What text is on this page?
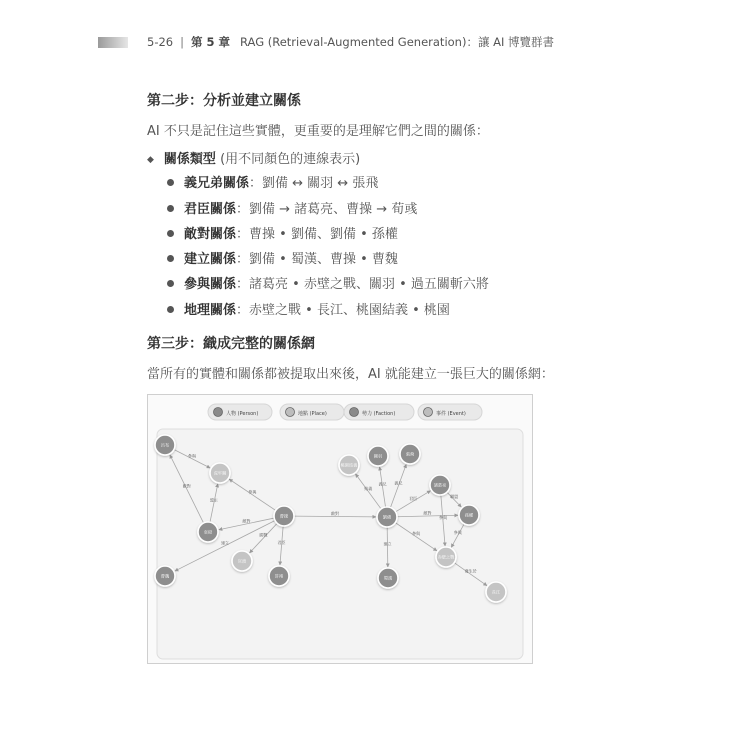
5-26 | 第 5 章 RAG (Retrieval-Augmented Generation)：讓 AI 博覽群書
第二步：分析並建立關係
AI 不只是記住這些實體，更重要的是理解它們之間的關係：
◆ 關係類型 (用不同顏色的連線表示)
義兄弟關係：劉備 ↔ 關羽 ↔ 張飛
君臣關係：劉備 → 諸葛亮、曹操 → 荀彧
敵對關係：曹操 • 劉備、劉備 • 孫權
建立關係：劉備 • 蜀漢、曹操 • 曹魏
參與關係：諸葛亮 • 赤壁之戰、關羽 • 過五關斬六將
地理關係：赤壁之戰 • 長江、桃園結義 • 桃園
第三步：織成完整的關係網
當所有的實體和關係都被提取出來後，AI 就能建立一張巨大的關係網：
人物 (Person)	地點 (Place)	勢力 (Faction)	事件 (Event)
參與
盟主
參與
敵對
敵對
勝戰
君臣
建立
敵對
結義
義兄 義兄
君臣
敵對
建立
參與
聯盟
參與
參與
發生於
呂布
虎牢關
袁紹
曹操
官渡
許褚
曹魏
桃園結義
關羽	張飛
劉備
諸葛亮
孫權
蜀漢
赤壁之戰
長江
